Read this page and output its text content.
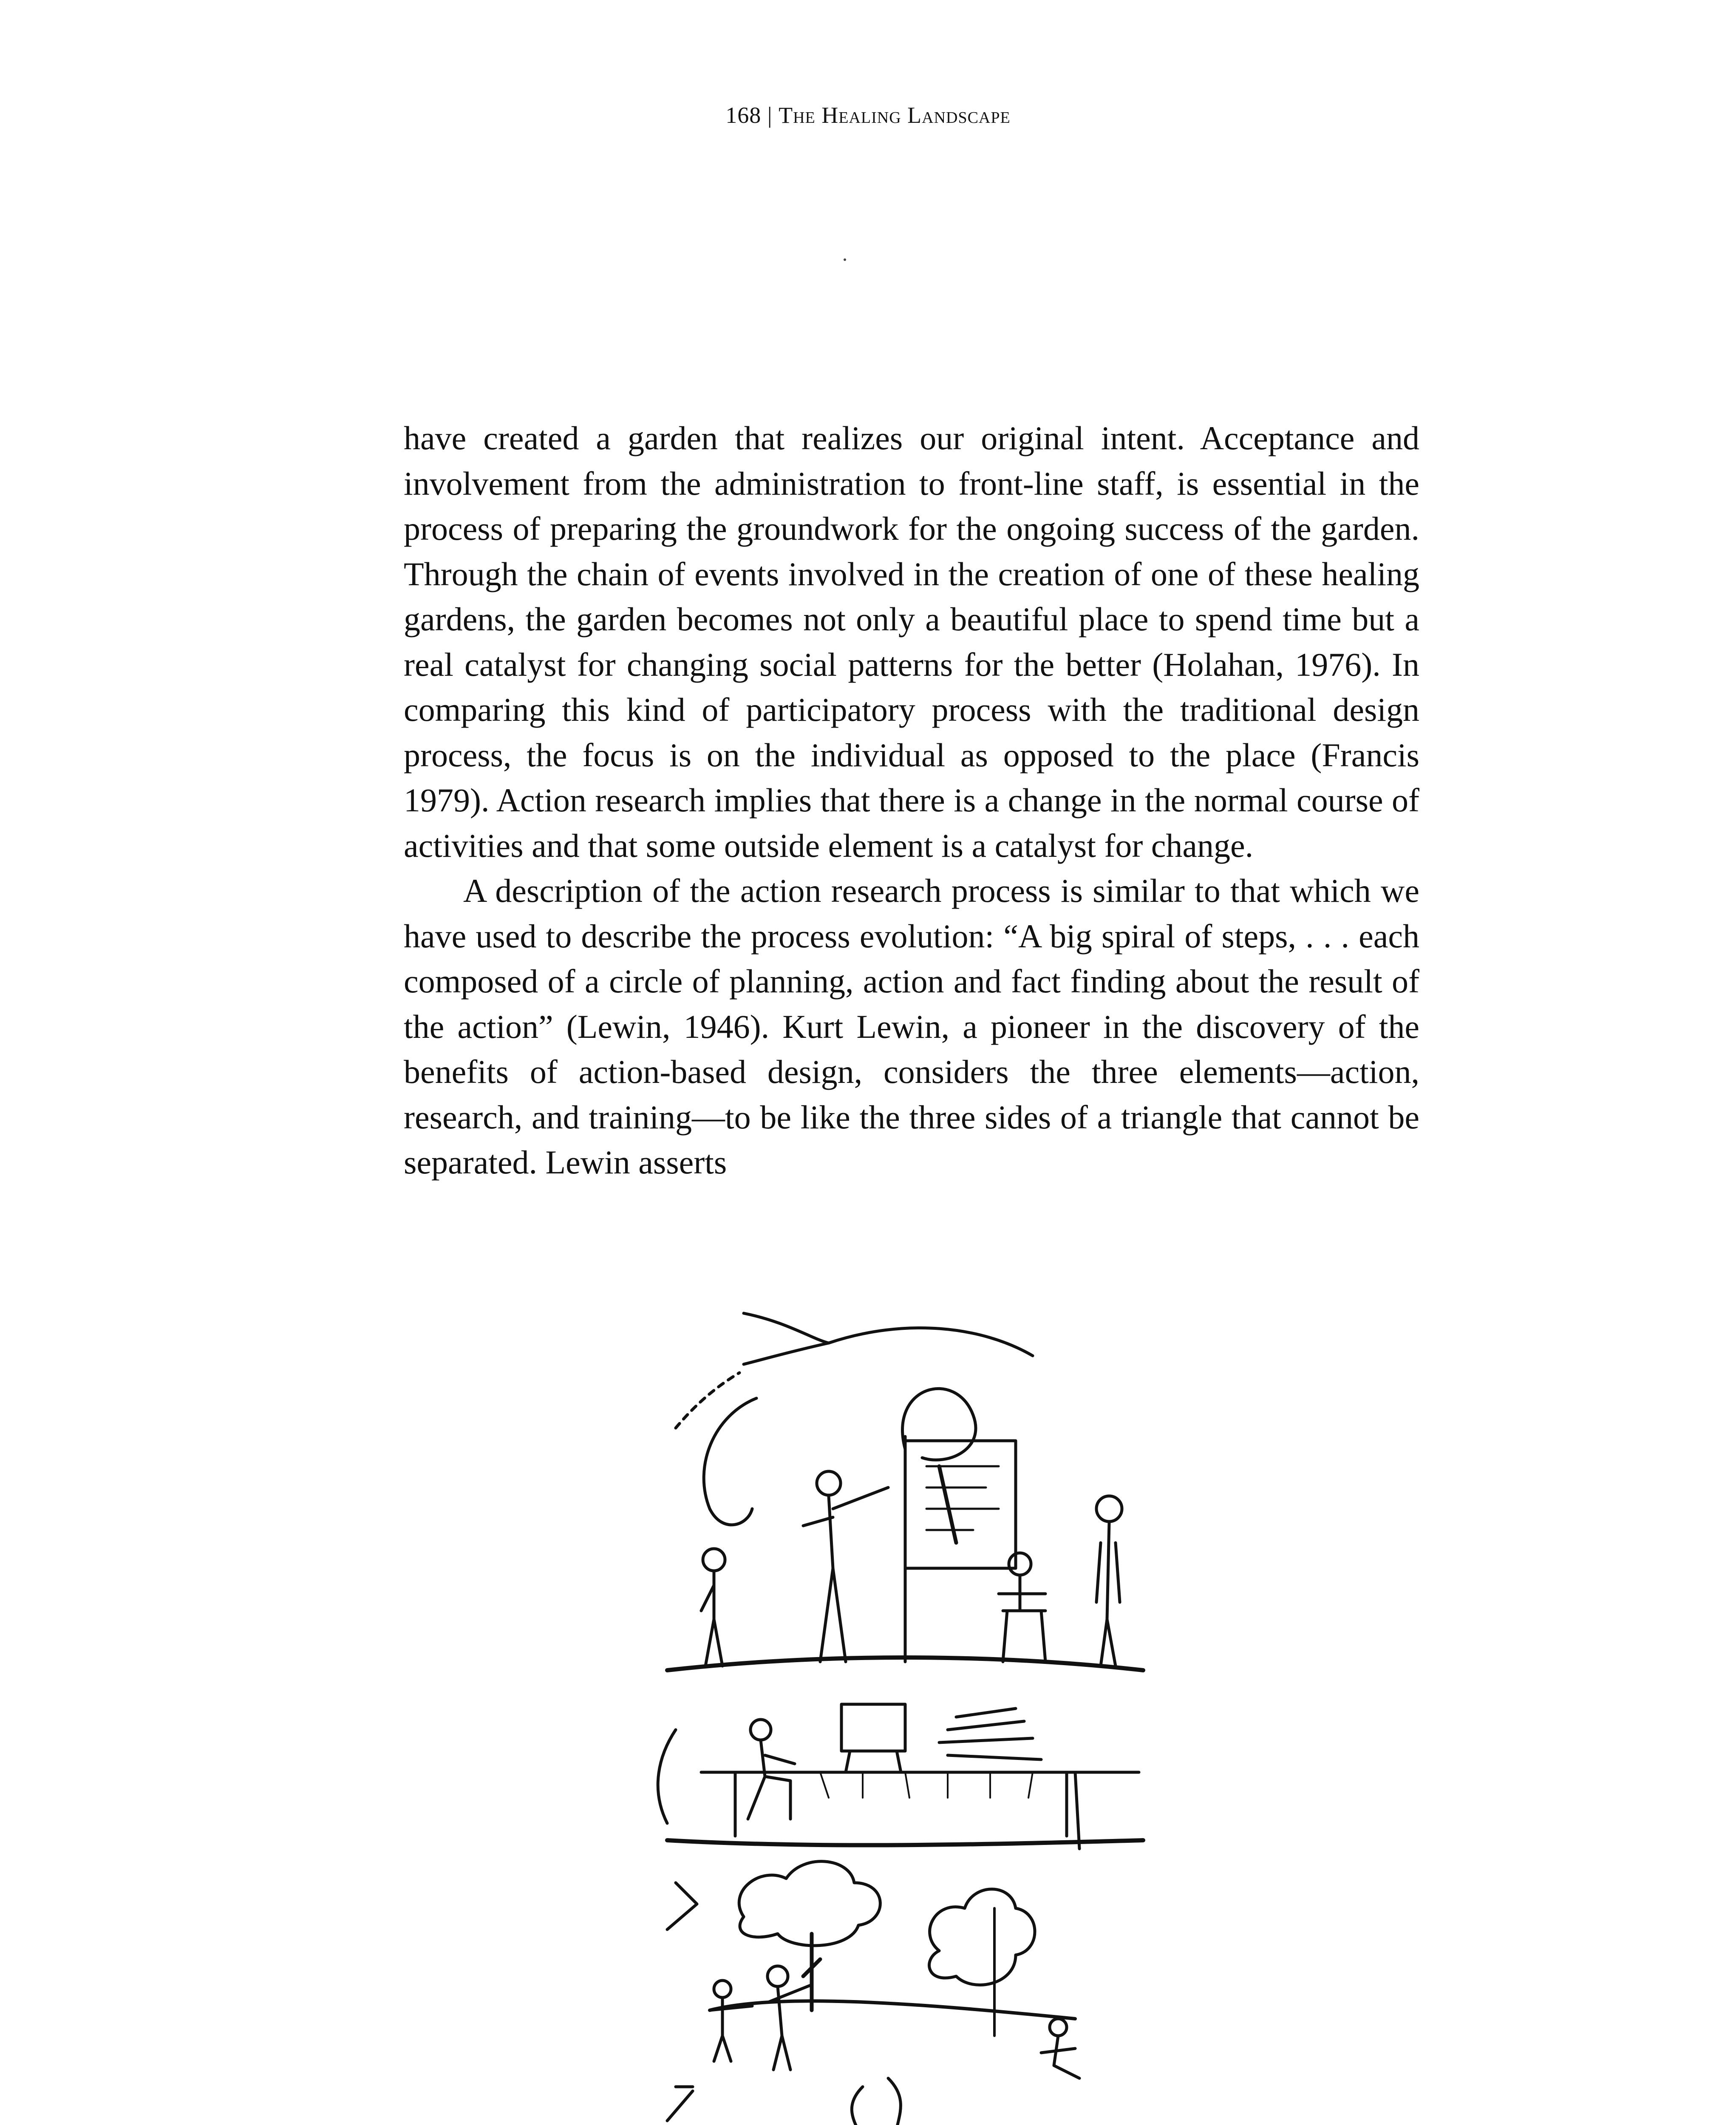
168 | The Healing Landscape

have created a garden that realizes our original intent. Acceptance and involvement from the administration to front-line staff, is essential in the process of preparing the groundwork for the ongoing success of the garden. Through the chain of events involved in the creation of one of these healing gardens, the garden becomes not only a beautiful place to spend time but a real catalyst for changing social patterns for the better (Holahan, 1976). In comparing this kind of participatory process with the traditional design process, the focus is on the individual as opposed to the place (Francis 1979). Action research implies that there is a change in the normal course of activities and that some outside element is a catalyst for change.

A description of the action research process is similar to that which we have used to describe the process evolution: “A big spiral of steps, . . . each composed of a circle of planning, action and fact finding about the result of the action” (Lewin, 1946). Kurt Lewin, a pioneer in the discovery of the benefits of action-based design, considers the three elements—action, research, and training—to be like the three sides of a triangle that cannot be separated. Lewin asserts
